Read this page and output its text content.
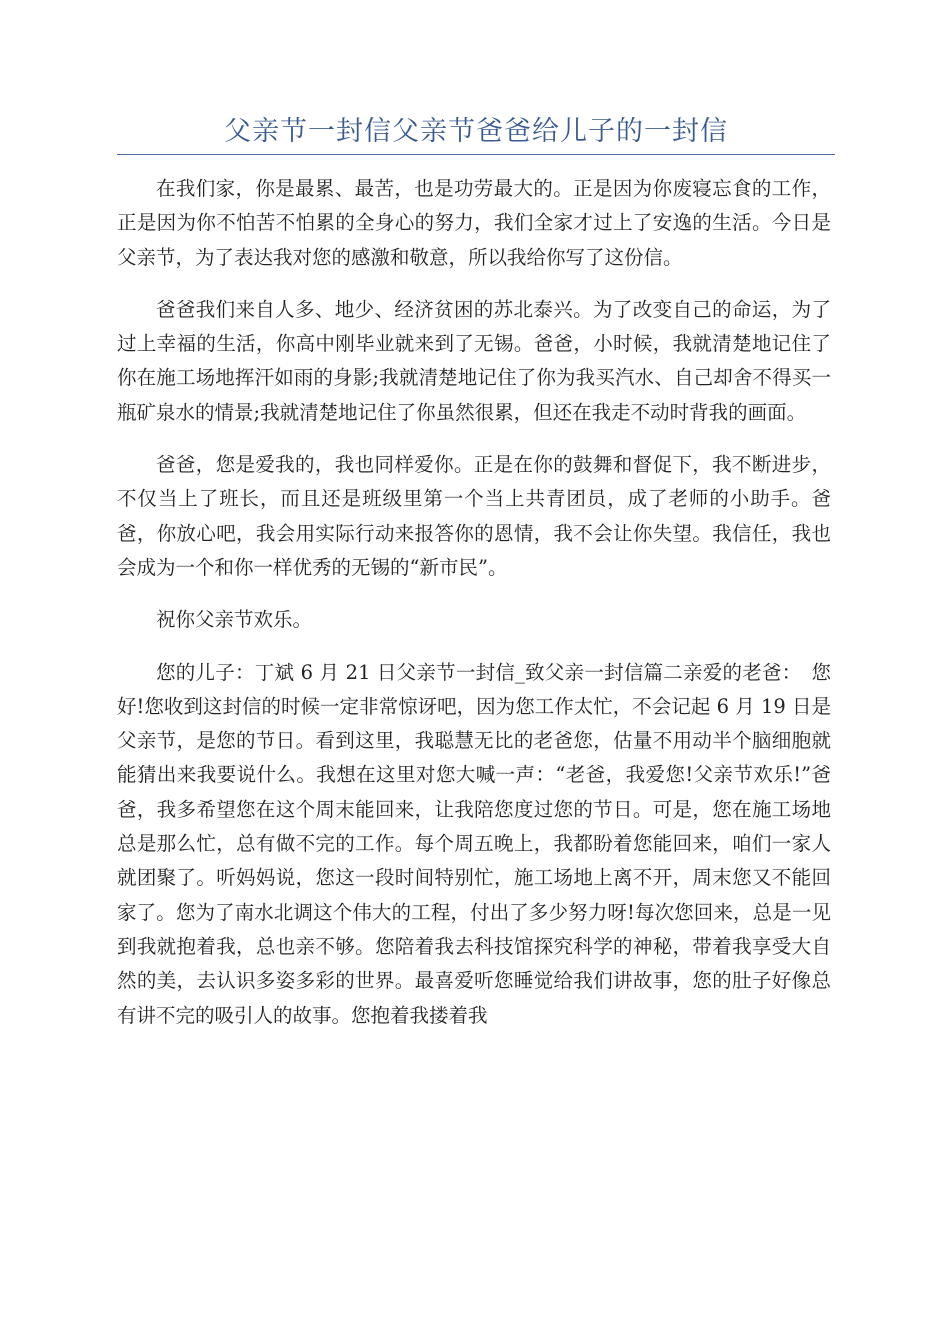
父亲节一封信父亲节爸爸给儿子的一封信

在我们家，你是最累、最苦，也是功劳最大的。正是因为你废寝忘食的工作，正是因为你不怕苦不怕累的全身心的努力，我们全家才过上了安逸的生活。今日是父亲节，为了表达我对您的感激和敬意，所以我给你写了这份信。

爸爸我们来自人多、地少、经济贫困的苏北泰兴。为了改变自己的命运，为了过上幸福的生活，你高中刚毕业就来到了无锡。爸爸，小时候，我就清楚地记住了你在施工场地挥汗如雨的身影;我就清楚地记住了你为我买汽水、自己却舍不得买一瓶矿泉水的情景;我就清楚地记住了你虽然很累，但还在我走不动时背我的画面。

爸爸，您是爱我的，我也同样爱你。正是在你的鼓舞和督促下，我不断进步，不仅当上了班长，而且还是班级里第一个当上共青团员，成了老师的小助手。爸爸，你放心吧，我会用实际行动来报答你的恩情，我不会让你失望。我信任，我也会成为一个和你一样优秀的无锡的“新市民”。

祝你父亲节欢乐。

您的儿子：丁斌 6 月 21 日父亲节一封信_致父亲一封信篇二亲爱的老爸：　您好!您收到这封信的时候一定非常惊讶吧，因为您工作太忙，不会记起 6 月 19 日是父亲节，是您的节日。看到这里，我聪慧无比的老爸您，估量不用动半个脑细胞就能猜出来我要说什么。我想在这里对您大喊一声：“老爸，我爱您!父亲节欢乐!”爸爸，我多希望您在这个周末能回来，让我陪您度过您的节日。可是，您在施工场地总是那么忙，总有做不完的工作。每个周五晚上，我都盼着您能回来，咱们一家人就团聚了。听妈妈说，您这一段时间特别忙，施工场地上离不开，周末您又不能回家了。您为了南水北调这个伟大的工程，付出了多少努力呀!每次您回来，总是一见到我就抱着我，总也亲不够。您陪着我去科技馆探究科学的神秘，带着我享受大自然的美，去认识多姿多彩的世界。最喜爱听您睡觉给我们讲故事，您的肚子好像总有讲不完的吸引人的故事。您抱着我搂着我
